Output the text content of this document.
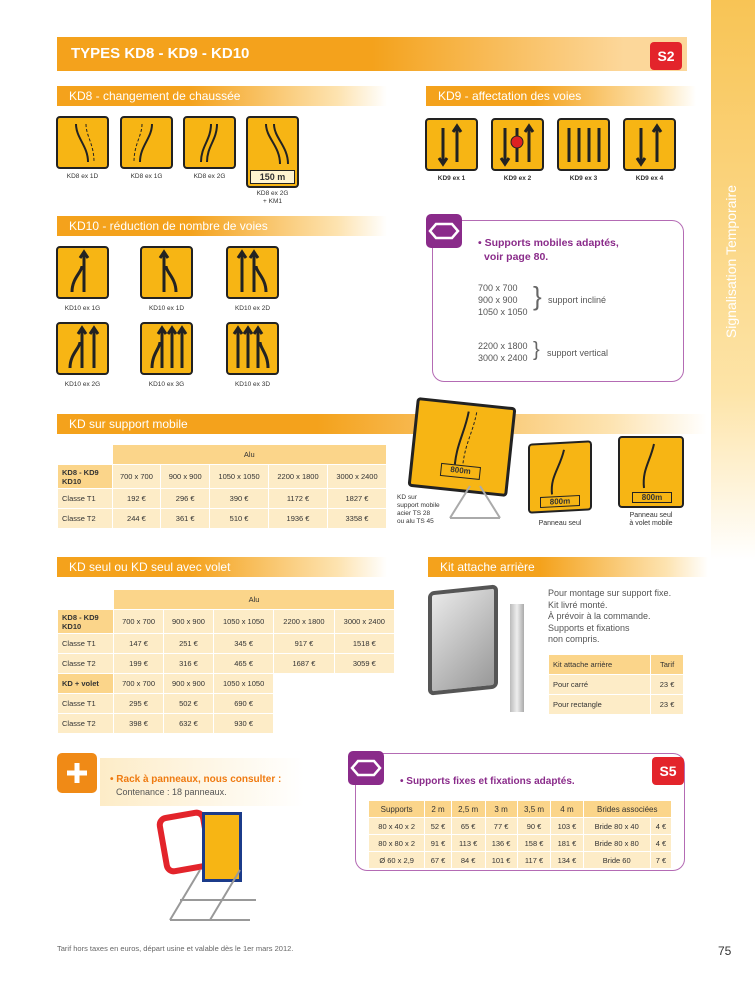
Signalisation Temporaire
TYPES KD8 - KD9 - KD10	S2
KD8 - changement de chaussée
150 m
KD8 ex 1D	KD8 ex 1G	KD8 ex 2G
KD8 ex 2G
+ KM1
KD9 - affectation des voies
KD9 ex 1	KD9 ex 2	KD9 ex 3	KD9 ex 4
KD10 - réduction de nombre de voies
KD10 ex 1G	KD10 ex 1D	KD10 ex 2D
KD10 ex 2G	KD10 ex 3G	KD10 ex 3D
• Supports mobiles adaptés,
voir page 80.
700 x 700
900 x 900
1050 x 1050
} support incliné
2200 x 1800
3000 x 2400 } support vertical
KD sur support mobile
	Alu				
KD8 - KD9
KD10	700 x 700	900 x 900	1050 x 1050	2200 x 1800	3000 x 2400
Classe T1	192 €	296 €	390 €	1172 €	1827 €
Classe T2	244 €	361 €	510 €	1936 €	3358 €
800m
KD sur
support mobile
acier TS 28
ou alu TS 45
800m
Panneau seul
800m
Panneau seul
à volet mobile
KD seul ou KD seul avec volet
	Alu				
KD8 - KD9
KD10	700 x 700	900 x 900	1050 x 1050	2200 x 1800	3000 x 2400
Classe T1	147 €	251 €	345 €	917 €	1518 €
Classe T2	199 €	316 €	465 €	1687 €	3059 €
KD + volet	700 x 700	900 x 900	1050 x 1050		
Classe T1	295 €	502 €	690 €		
Classe T2	398 €	632 €	930 €		
Kit attache arrière
Pour montage sur support fixe.
Kit livré monté.
À prévoir à la commande.
Supports et fixations
non compris.
Kit attache arrière	Tarif
Pour carré	23 €
Pour rectangle	23 €
• Rack à panneaux, nous consulter :
Contenance : 18 panneaux.
S5
• Supports fixes et fixations adaptés.
Supports	2 m	2,5 m	3 m	3,5 m	4 m	Brides associées	
80 x 40 x 2	52 €	65 €	77 €	90 €	103 €	Bride 80 x 40	4 €
80 x 80 x 2	91 €	113 €	136 €	158 €	181 €	Bride 80 x 80	4 €
Ø 60 x 2,9	67 €	84 €	101 €	117 €	134 €	Bride 60	7 €
Tarif hors taxes en euros, départ usine et valable dès le 1er mars 2012.	75
